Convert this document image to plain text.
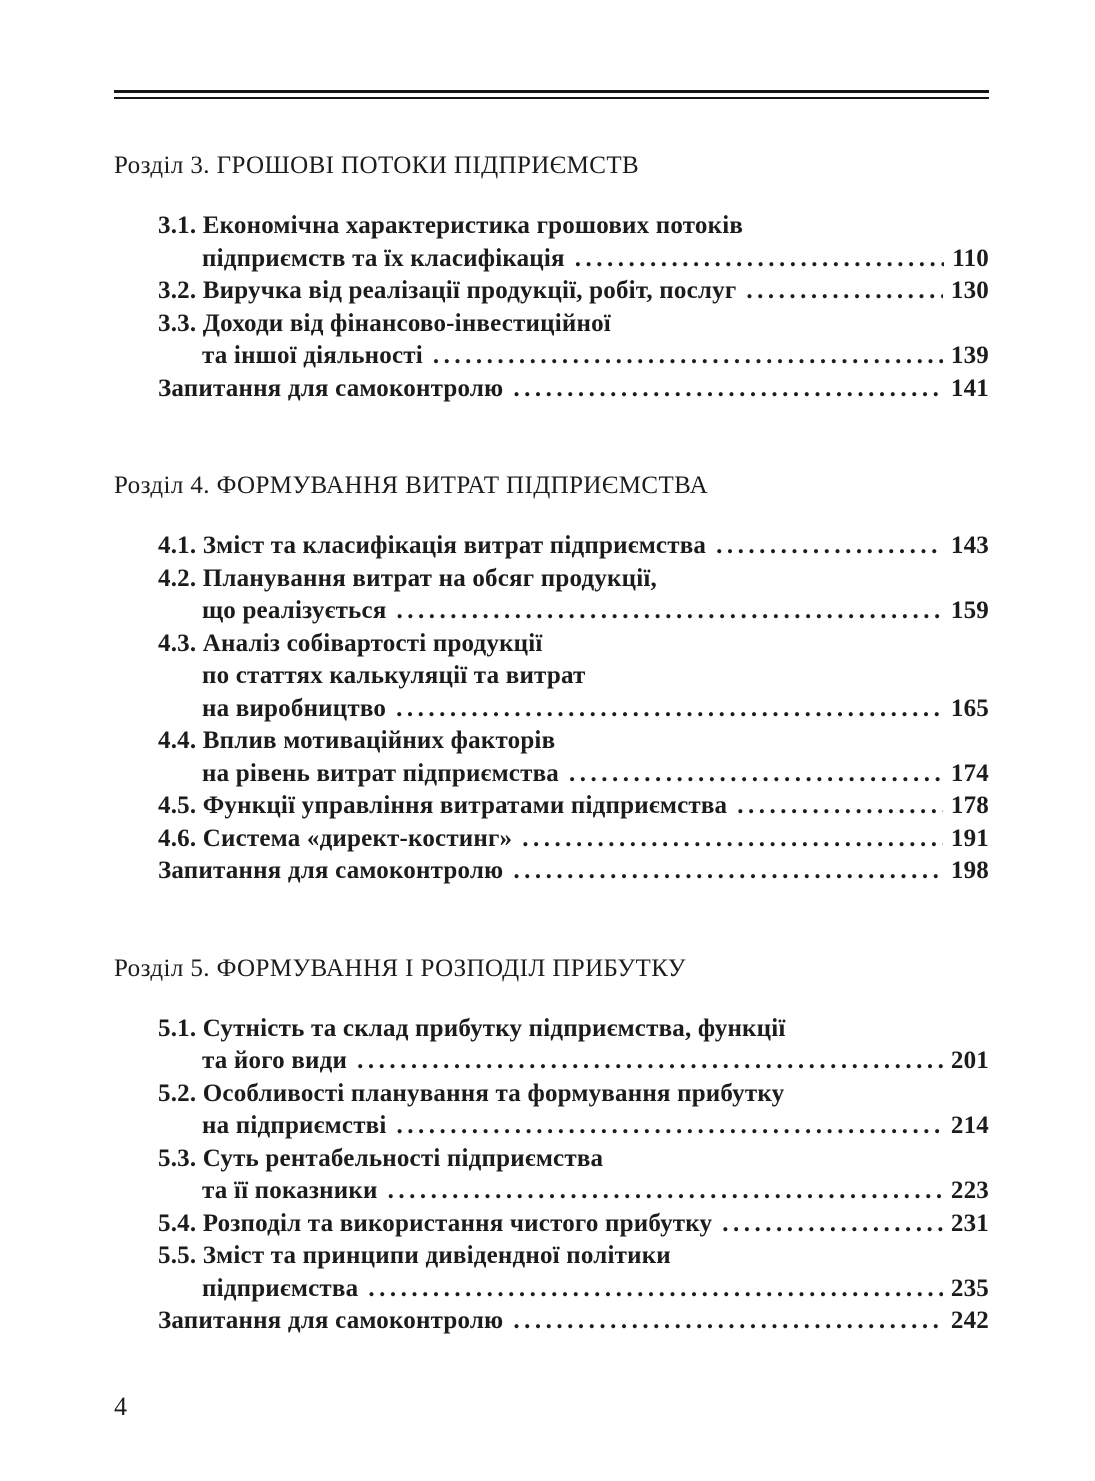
Розділ 3. ГРОШОВІ ПОТОКИ ПІДПРИЄМСТВ
3.1. Економічна характеристика грошових потоків
підприємств та їх класифікація .....	110
3.2. Виручка від реалізації продукції, робіт, послуг .....	130
3.3. Доходи від фінансово-інвестиційної
та іншої діяльності .....	139
Запитання для самоконтролю .....	141
Розділ 4. ФОРМУВАННЯ ВИТРАТ ПІДПРИЄМСТВА
4.1. Зміст та класифікація витрат підприємства .....	143
4.2. Планування витрат на обсяг продукції,
що реалізується .....	159
4.3. Аналіз собівартості продукції
по статтях калькуляції та витрат
на виробництво .....	165
4.4. Вплив мотиваційних факторів
на рівень витрат підприємства .....	174
4.5. Функції управління витратами підприємства .....	178
4.6. Система «директ-костинг» .....	191
Запитання для самоконтролю .....	198
Розділ 5. ФОРМУВАННЯ І РОЗПОДІЛ ПРИБУТКУ
5.1. Сутність та склад прибутку підприємства, функції
та його види .....	201
5.2. Особливості планування та формування прибутку
на підприємстві .....	214
5.3. Суть рентабельності підприємства
та її показники .....	223
5.4. Розподіл та використання чистого прибутку .....	231
5.5. Зміст та принципи дивідендної політики
підприємства .....	235
Запитання для самоконтролю .....	242
4
